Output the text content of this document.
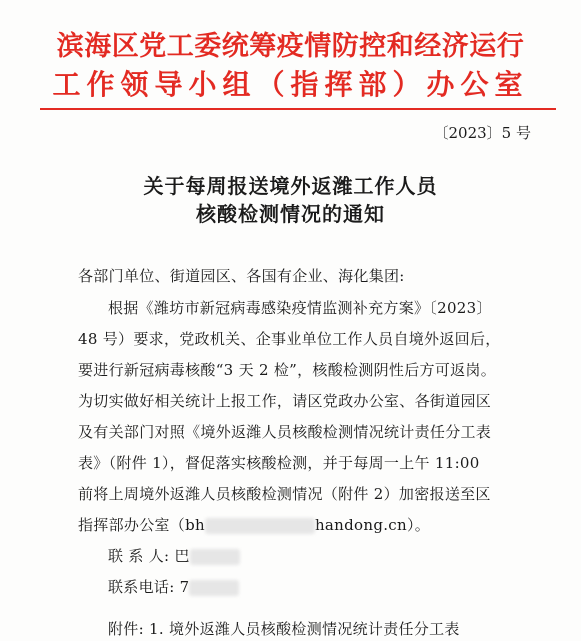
滨海区党工委统筹疫情防控和经济运行
工作领导小组（指挥部）办公室
〔2023〕5 号
关于每周报送境外返潍工作人员
核酸检测情况的通知
各部门单位、街道园区、各国有企业、海化集团:
根据《潍坊市新冠病毒感染疫情监测补充方案》〔2023〕
48 号）要求，党政机关、企事业单位工作人员自境外返回后，
要进行新冠病毒核酸“3 天 2 检”，核酸检测阴性后方可返岗。
为切实做好相关统计上报工作，请区党政办公室、各街道园区
及有关部门对照《境外返潍人员核酸检测情况统计责任分工表
表》（附件 1），督促落实核酸检测，并于每周一上午 11:00
前将上周境外返潍人员核酸检测情况（附件 2）加密报送至区
指挥部办公室（bh	handong.cn）。
联 系 人: 巴
联系电话: 7
附件: 1. 境外返潍人员核酸检测情况统计责任分工表
